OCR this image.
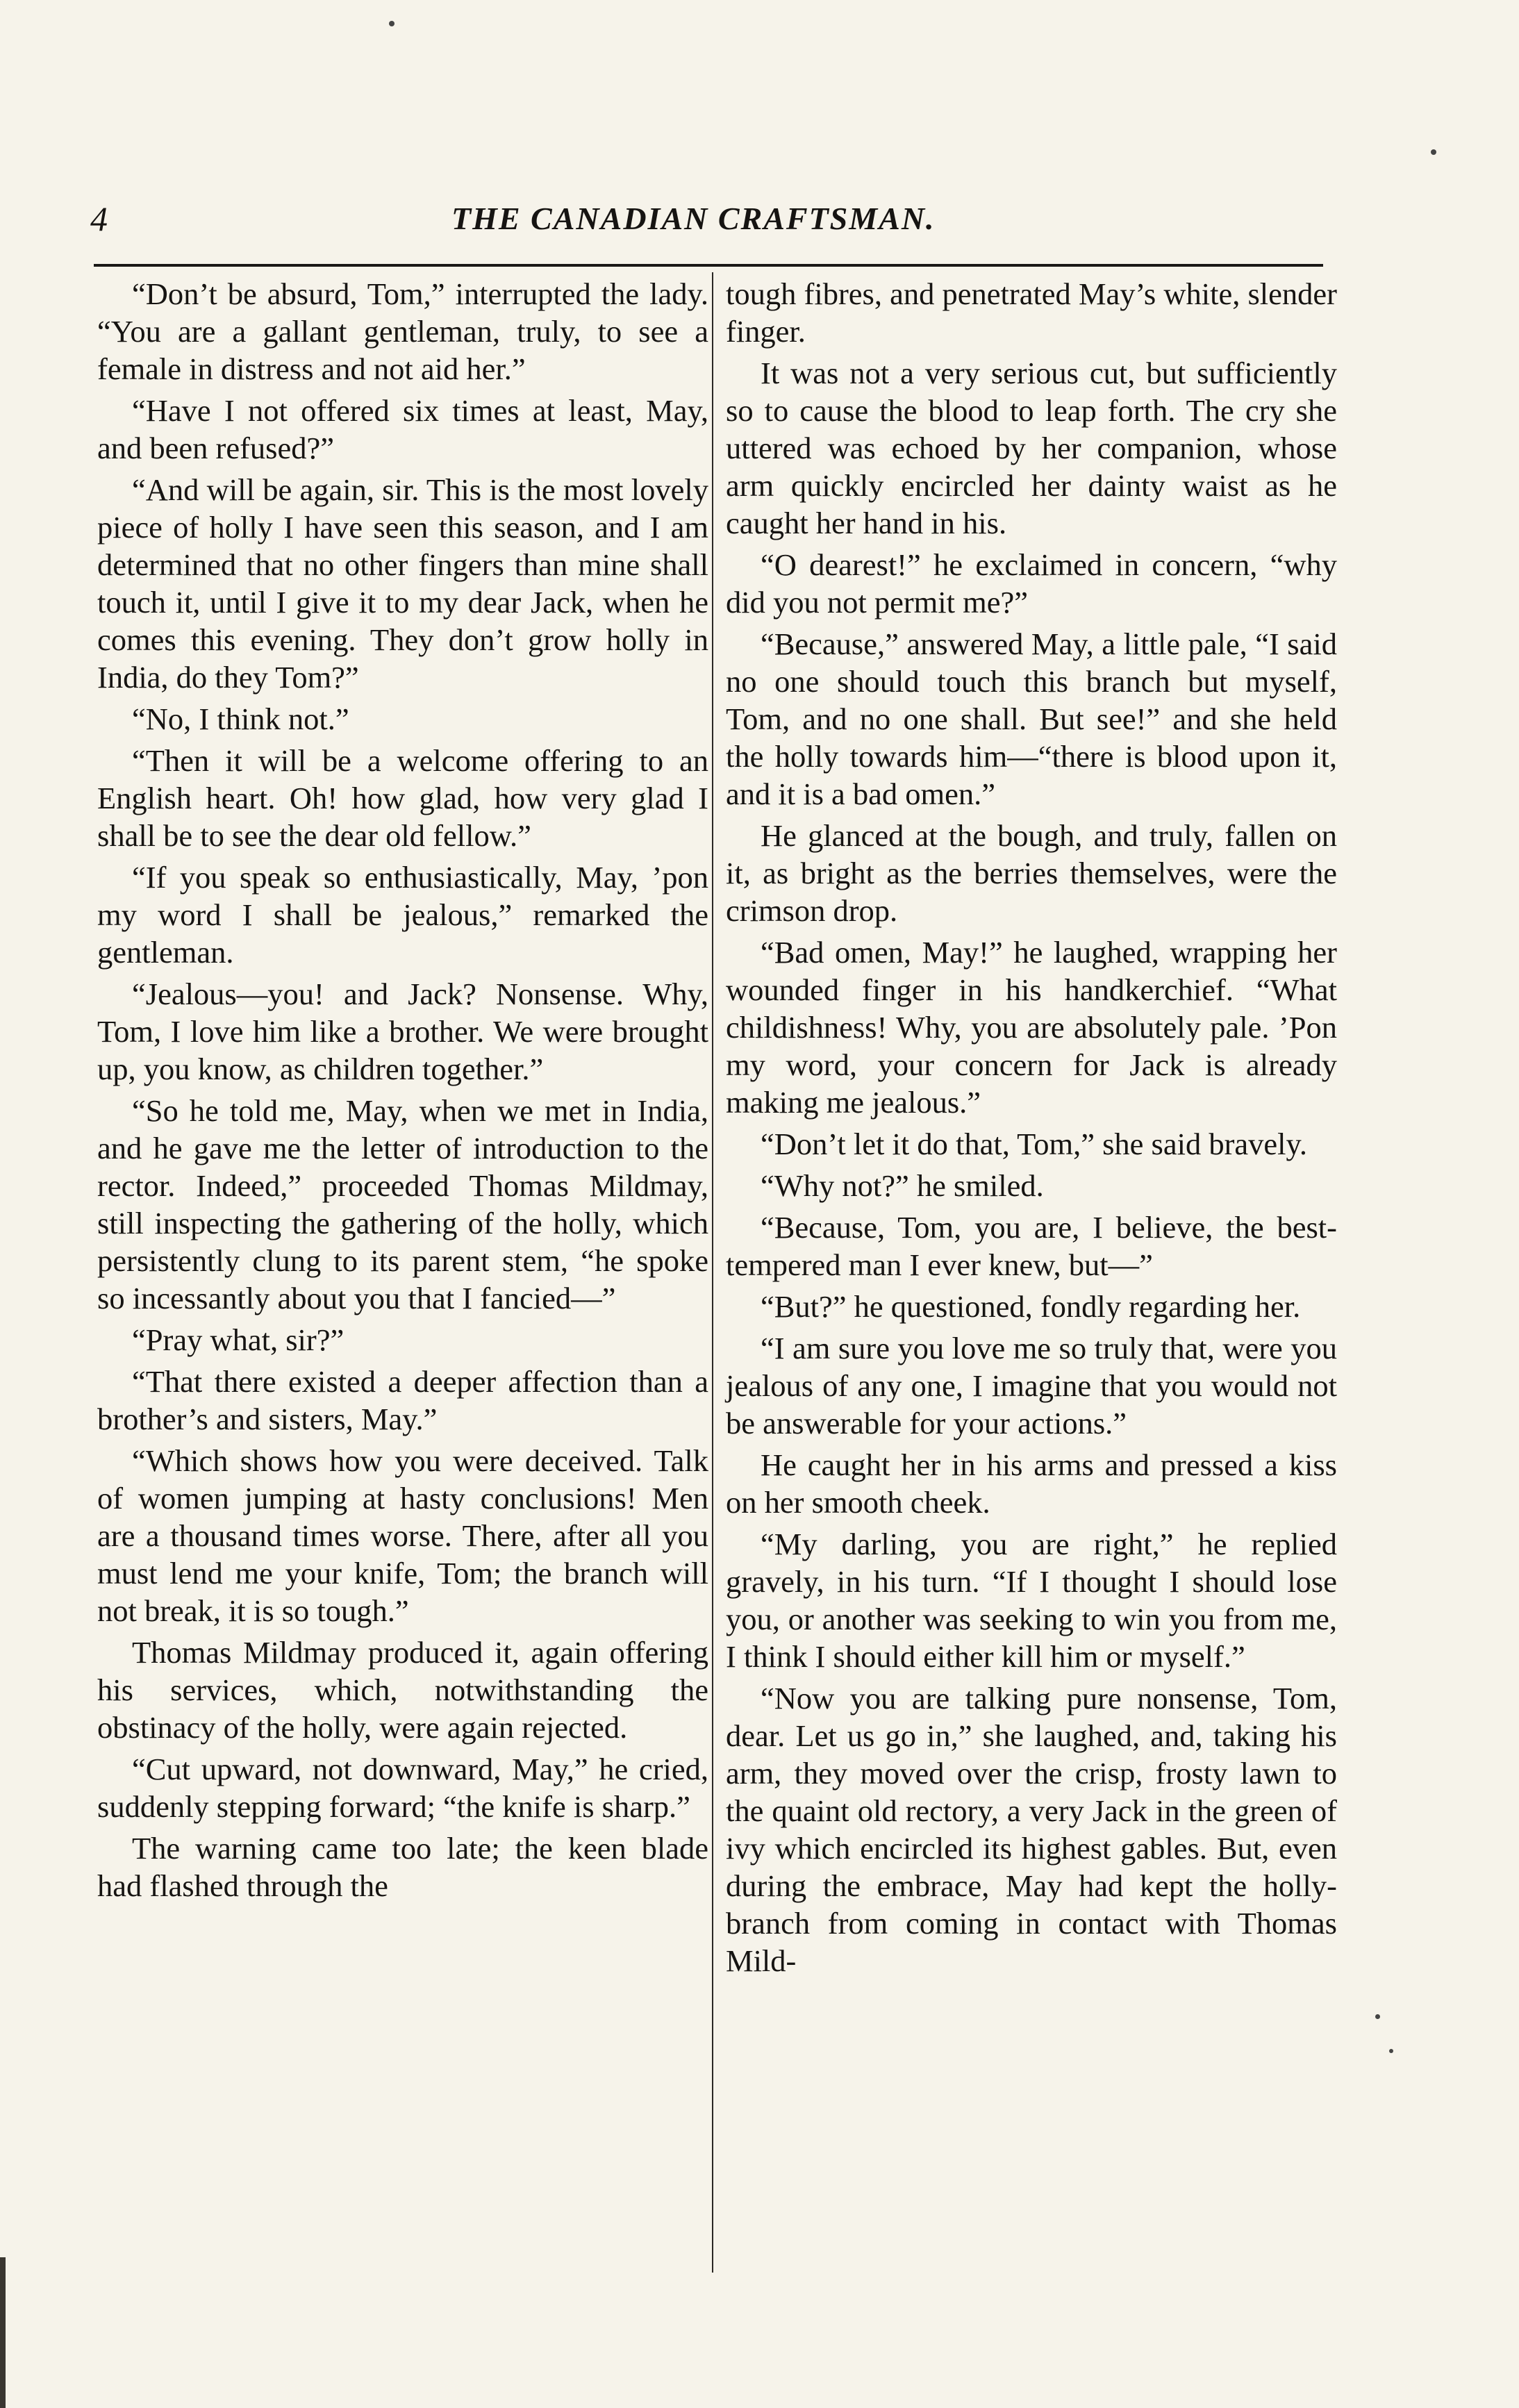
4	THE CANADIAN CRAFTSMAN.

“Don’t be absurd, Tom,” interrupted the lady. “You are a gallant gentleman, truly, to see a female in distress and not aid her.”

“Have I not offered six times at least, May, and been refused?”

“And will be again, sir. This is the most lovely piece of holly I have seen this season, and I am determined that no other fingers than mine shall touch it, until I give it to my dear Jack, when he comes this evening. They don’t grow holly in India, do they Tom?”

“No, I think not.”

“Then it will be a welcome offering to an English heart. Oh! how glad, how very glad I shall be to see the dear old fellow.”

“If you speak so enthusiastically, May, ’pon my word I shall be jealous,” remarked the gentleman.

“Jealous—you! and Jack? Nonsense. Why, Tom, I love him like a brother. We were brought up, you know, as children together.”

“So he told me, May, when we met in India, and he gave me the letter of introduction to the rector. Indeed,” proceeded Thomas Mildmay, still inspecting the gathering of the holly, which persistently clung to its parent stem, “he spoke so incessantly about you that I fancied—”

“Pray what, sir?”

“That there existed a deeper affection than a brother’s and sisters, May.”

“Which shows how you were deceived. Talk of women jumping at hasty conclusions! Men are a thousand times worse. There, after all you must lend me your knife, Tom; the branch will not break, it is so tough.”

Thomas Mildmay produced it, again offering his services, which, notwithstanding the obstinacy of the holly, were again rejected.

“Cut upward, not downward, May,” he cried, suddenly stepping forward; “the knife is sharp.”

The warning came too late; the keen blade had flashed through the

tough fibres, and penetrated May’s white, slender finger.

It was not a very serious cut, but sufficiently so to cause the blood to leap forth. The cry she uttered was echoed by her companion, whose arm quickly encircled her dainty waist as he caught her hand in his.

“O dearest!” he exclaimed in concern, “why did you not permit me?”

“Because,” answered May, a little pale, “I said no one should touch this branch but myself, Tom, and no one shall. But see!” and she held the holly towards him—“there is blood upon it, and it is a bad omen.”

He glanced at the bough, and truly, fallen on it, as bright as the berries themselves, were the crimson drop.

“Bad omen, May!” he laughed, wrapping her wounded finger in his handkerchief. “What childishness! Why, you are absolutely pale. ’Pon my word, your concern for Jack is already making me jealous.”

“Don’t let it do that, Tom,” she said bravely.

“Why not?” he smiled.

“Because, Tom, you are, I believe, the best-tempered man I ever knew, but—”

“But?” he questioned, fondly regarding her.

“I am sure you love me so truly that, were you jealous of any one, I imagine that you would not be answerable for your actions.”

He caught her in his arms and pressed a kiss on her smooth cheek.

“My darling, you are right,” he replied gravely, in his turn. “If I thought I should lose you, or another was seeking to win you from me, I think I should either kill him or myself.”

“Now you are talking pure nonsense, Tom, dear. Let us go in,” she laughed, and, taking his arm, they moved over the crisp, frosty lawn to the quaint old rectory, a very Jack in the green of ivy which encircled its highest gables. But, even during the embrace, May had kept the holly-branch from coming in contact with Thomas Mild-
